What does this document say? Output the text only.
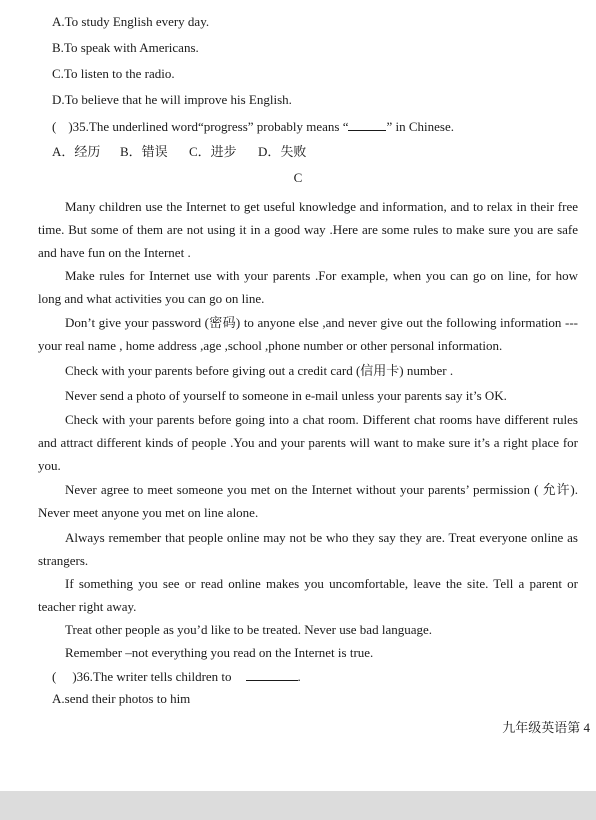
A.To study English every day.
B.To speak with Americans.
C.To listen to the radio.
D.To believe that he will improve his English.
( )35.The underlined word“progress” probably means “	” in Chinese.
A．经历 B．错误 C．进步 D．失败
C
Many children use the Internet to get useful knowledge and information, and to relax in their free time. But some of them are not using it in a good way .Here are some rules to make sure you are safe and have fun on the Internet .
Make rules for Internet use with your parents .For example, when you can go on line, for how long and what activities you can go on line.
Don’t give your password (密码) to anyone else ,and never give out the following information ---your real name , home address ,age ,school ,phone number or other personal information.
Check with your parents before giving out a credit card (信用卡) number .
Never send a photo of yourself to someone in e-mail unless your parents say it’s OK.
Check with your parents before going into a chat room. Different chat rooms have different rules and attract different kinds of people .You and your parents will want to make sure it’s a right place for you.
Never agree to meet someone you met on the Internet without your parents’ permission ( 允许). Never meet anyone you met on line alone.
Always remember that people online may not be who they say they are. Treat everyone online as strangers.
If something you see or read online makes you uncomfortable, leave the site. Tell a parent or teacher right away.
Treat other people as you’d like to be treated. Never use bad language.
Remember –not everything you read on the Internet is true.
( )36.The writer tells children to	.
A.send their photos to him
九年级英语第 4
